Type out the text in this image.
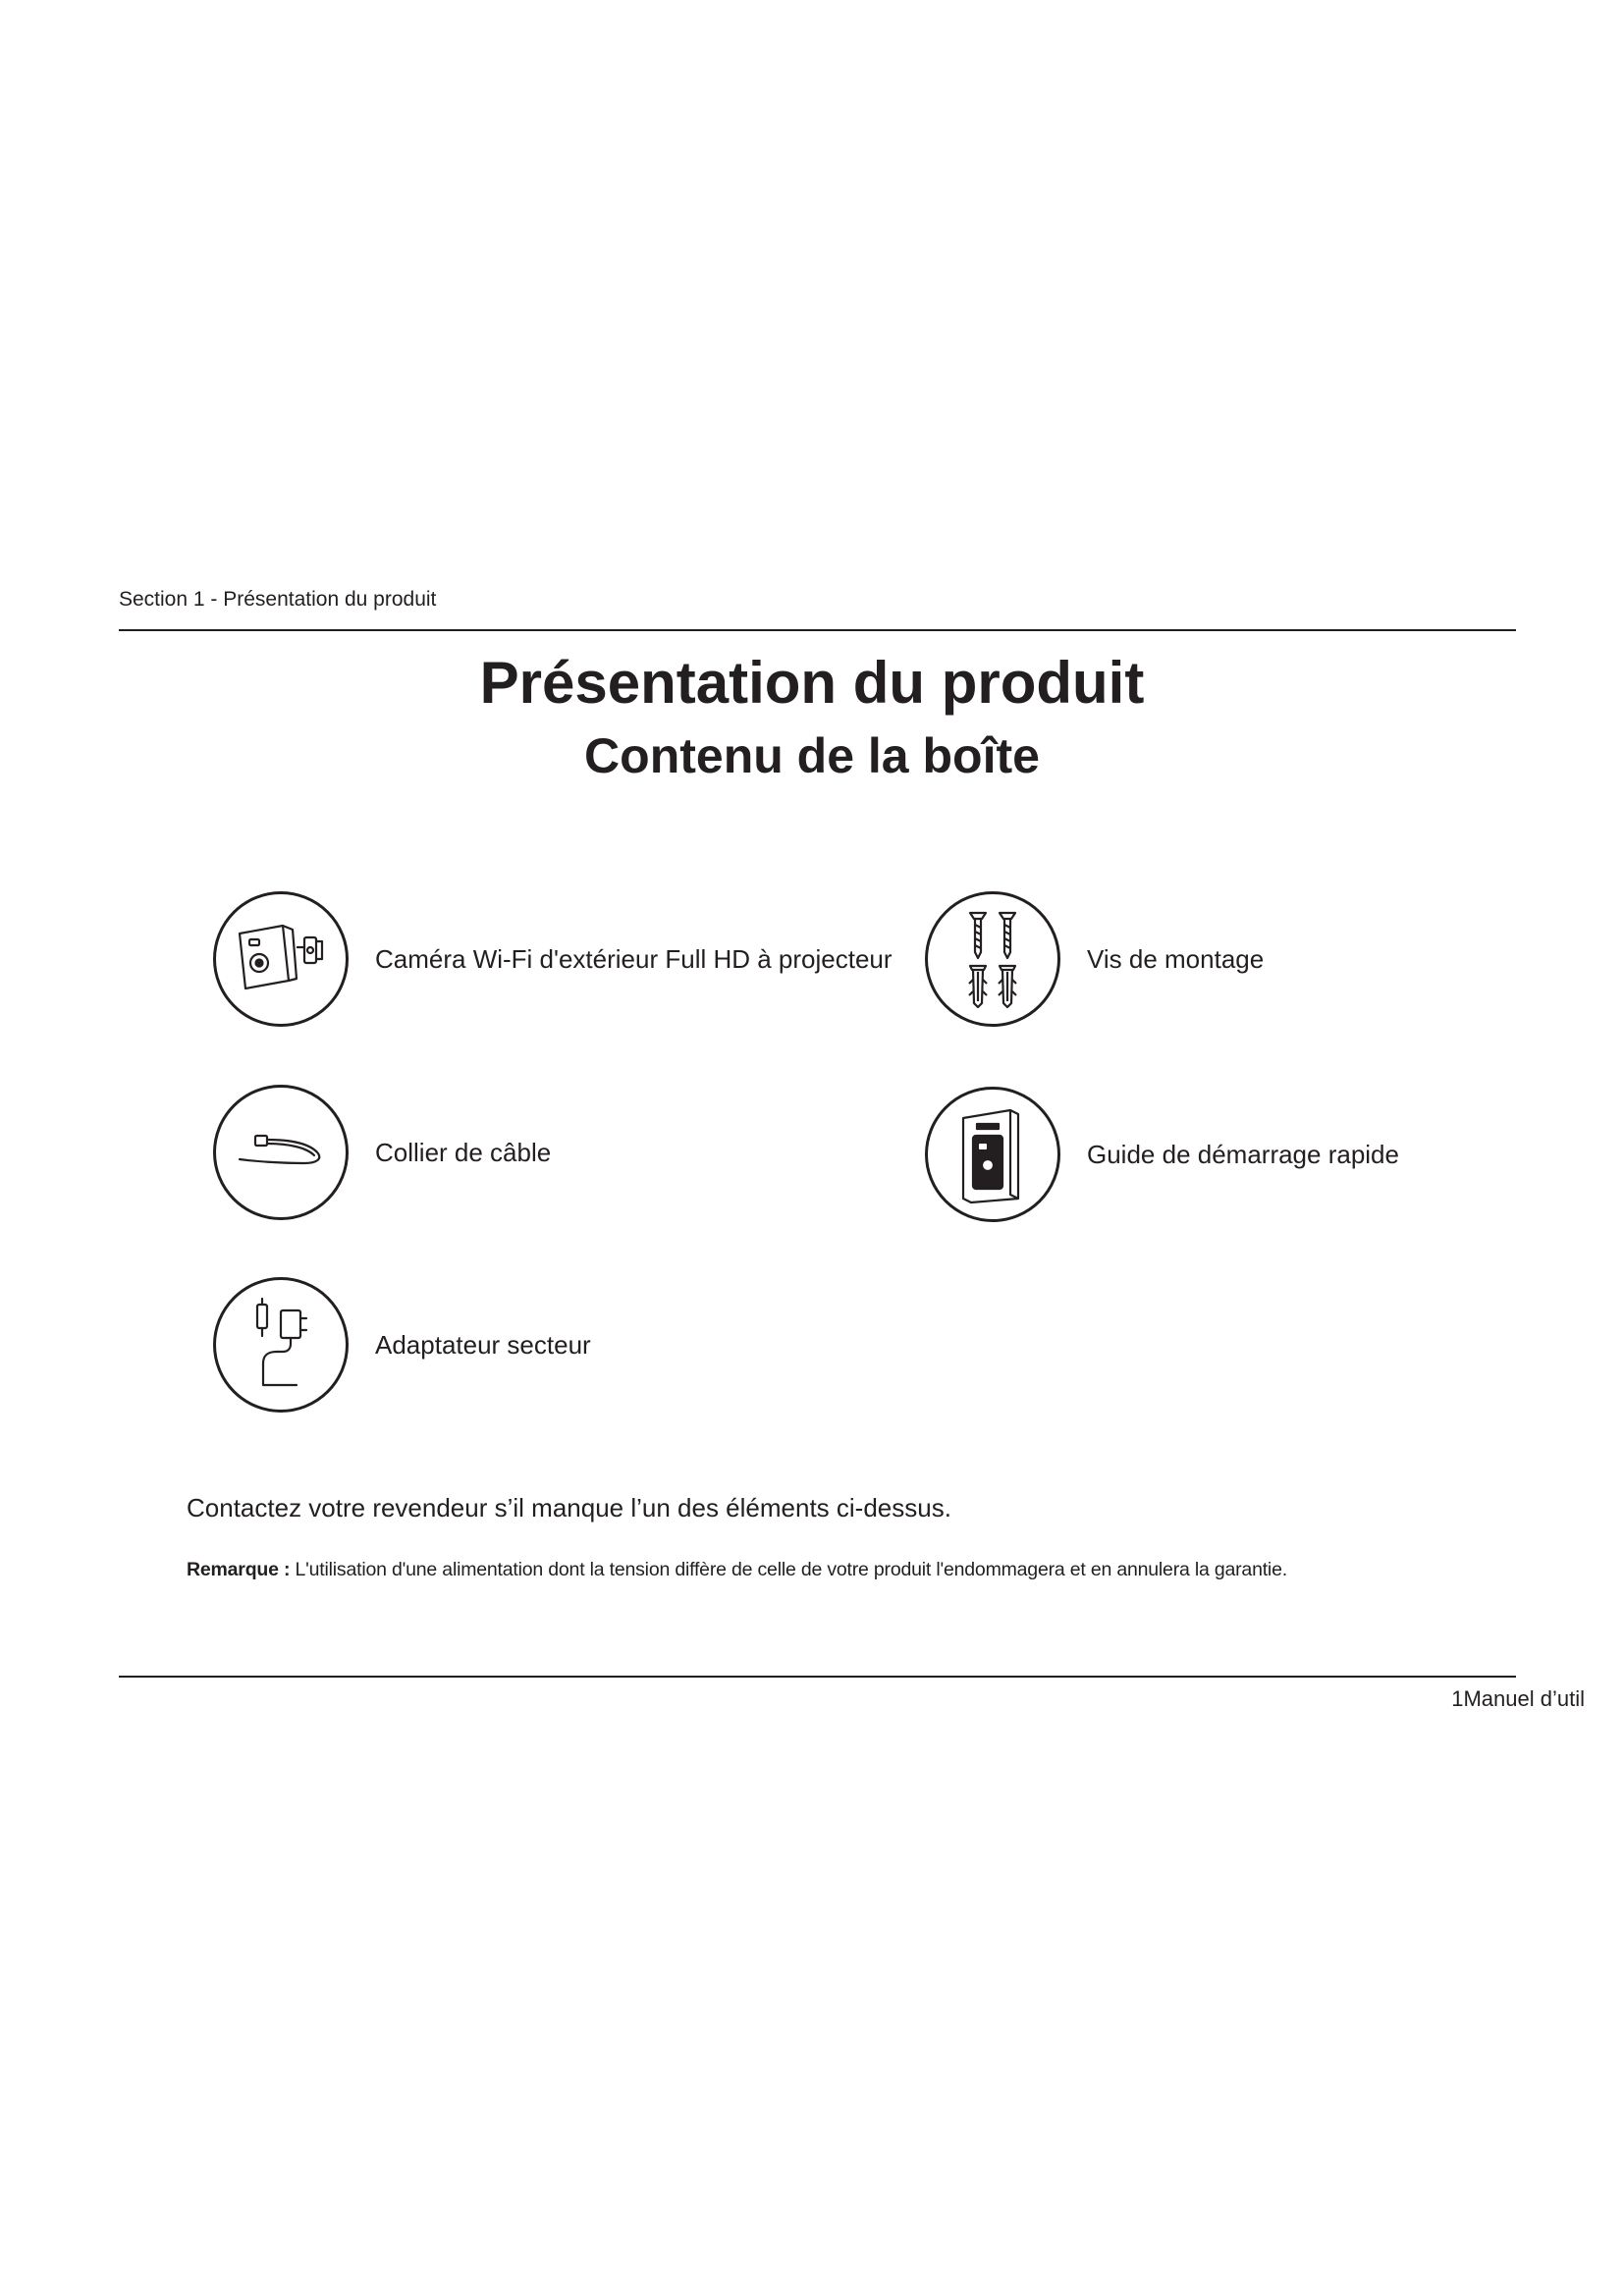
Section 1 - Présentation du produit
Présentation du produit
Contenu de la boîte
Caméra Wi-Fi d'extérieur Full HD à projecteur	Vis de montage
Collier de câble	Guide de démarrage rapide
Adaptateur secteur
Contactez votre revendeur s’il manque l’un des éléments ci-dessus.
Remarque : L'utilisation d'une alimentation dont la tension diffère de celle de votre produit l'endommagera et en annulera la garantie.
1Manuel d’util
